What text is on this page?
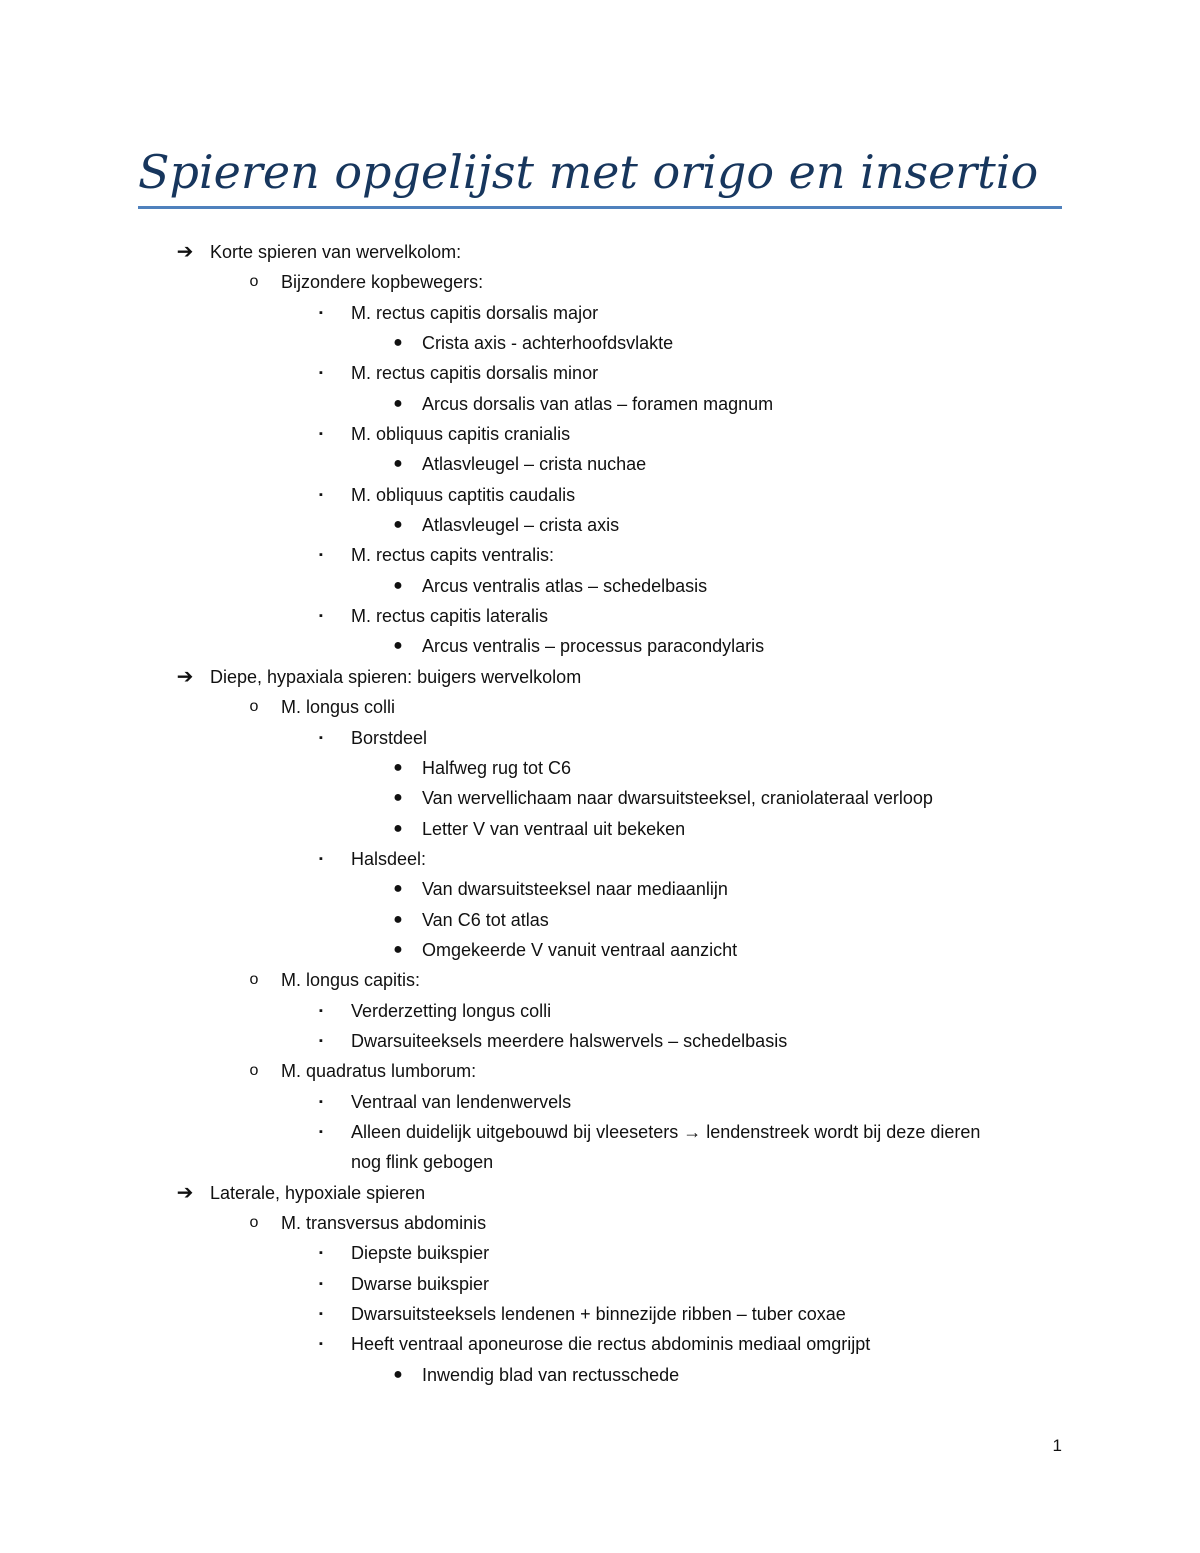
Spieren opgelijst met origo en insertio
➔ Korte spieren van wervelkolom:
o	Bijzondere kopbewegers:
▪	M. rectus capitis dorsalis major
●	Crista axis - achterhoofdsvlakte
▪	M. rectus capitis dorsalis minor
●	Arcus dorsalis van atlas – foramen magnum
▪	M. obliquus capitis cranialis
●	Atlasvleugel – crista nuchae
▪	M. obliquus captitis caudalis
●	Atlasvleugel – crista axis
▪	M. rectus capits ventralis:
●	Arcus ventralis atlas – schedelbasis
▪	M. rectus capitis lateralis
●	Arcus ventralis – processus paracondylaris
➔ Diepe, hypaxiala spieren: buigers wervelkolom
o	M. longus colli
▪	Borstdeel
●	Halfweg rug tot C6
●	Van wervellichaam naar dwarsuitsteeksel, craniolateraal verloop
●	Letter V van ventraal uit bekeken
▪	Halsdeel:
●	Van dwarsuitsteeksel naar mediaanlijn
●	Van C6 tot atlas
●	Omgekeerde V vanuit ventraal aanzicht
o	M. longus capitis:
▪	Verderzetting longus colli
▪	Dwarsuiteeksels meerdere halswervels – schedelbasis
o	M. quadratus lumborum:
▪	Ventraal van lendenwervels
▪	Alleen duidelijk uitgebouwd bij vleeseters → lendenstreek wordt bij deze dieren
nog flink gebogen
➔ Laterale, hypoxiale spieren
o	M. transversus abdominis
▪	Diepste buikspier
▪	Dwarse buikspier
▪	Dwarsuitsteeksels lendenen + binnezijde ribben – tuber coxae
▪	Heeft ventraal aponeurose die rectus abdominis mediaal omgrijpt
●	Inwendig blad van rectusschede
1
